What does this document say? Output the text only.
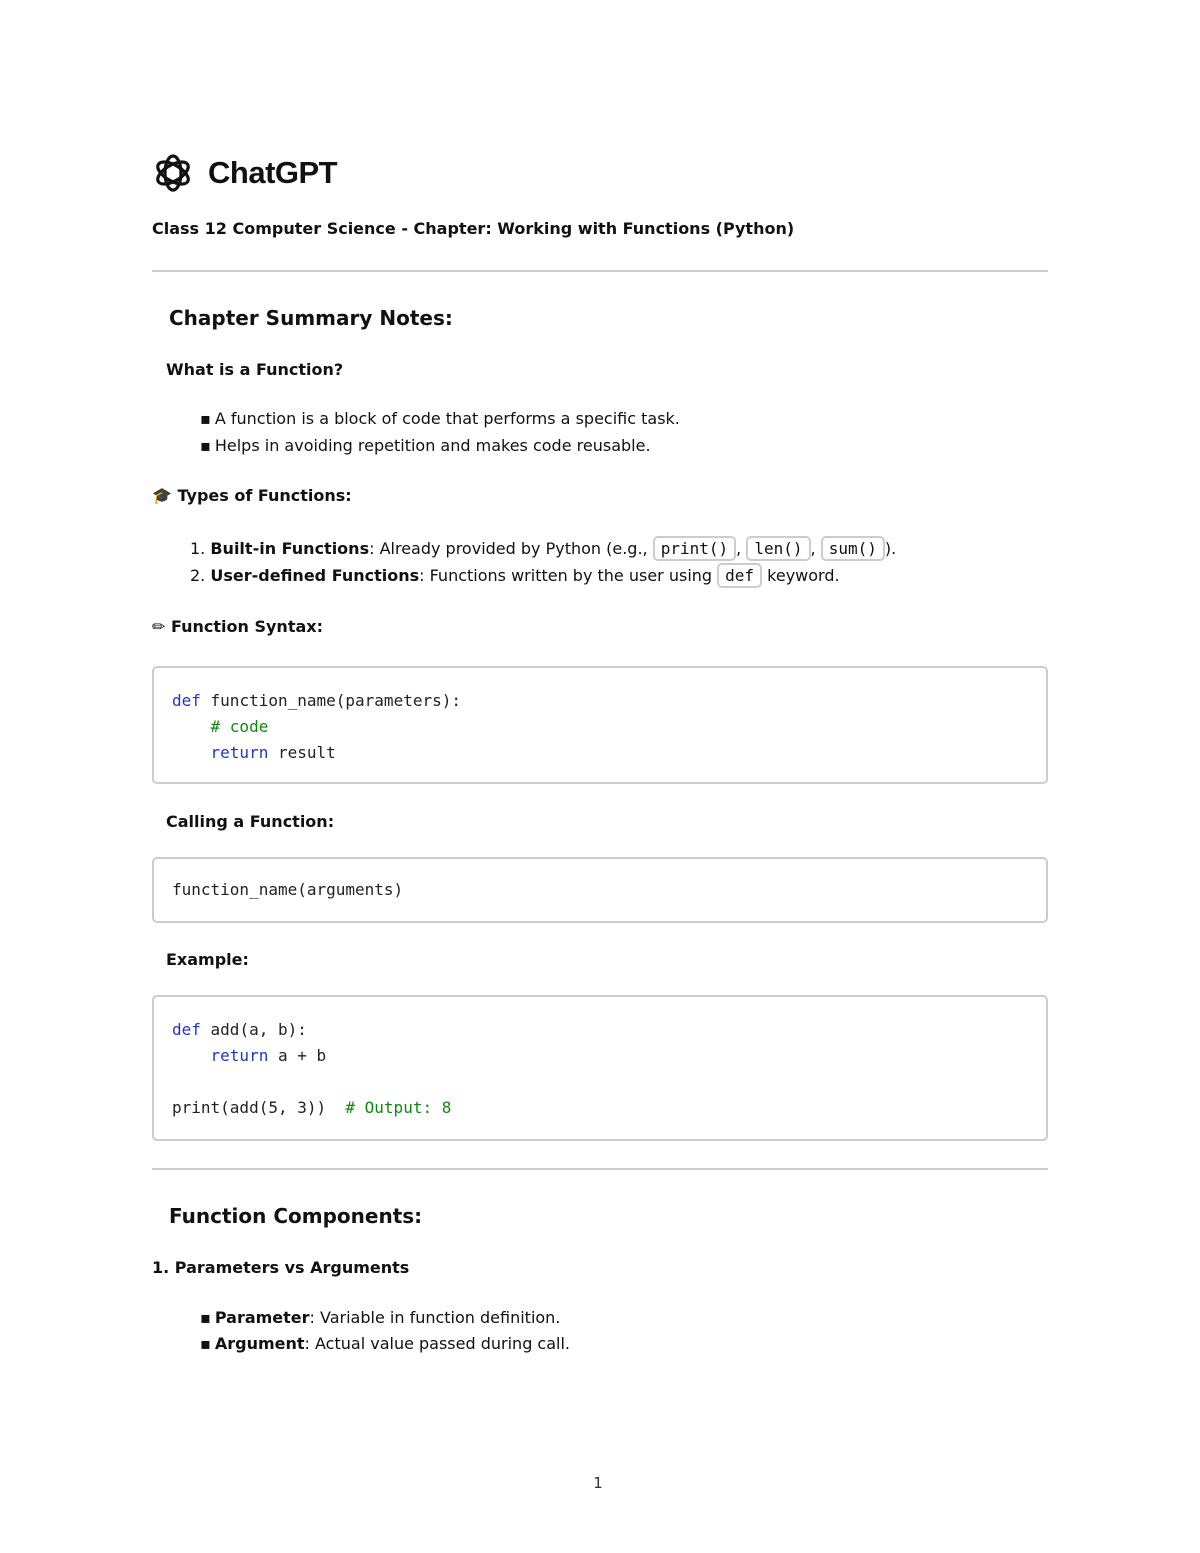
ChatGPT
Class 12 Computer Science - Chapter: Working with Functions (Python)
Chapter Summary Notes:
What is a Function?
▪ A function is a block of code that performs a specific task.
▪ Helps in avoiding repetition and makes code reusable.
🎓 Types of Functions:
1. Built-in Functions: Already provided by Python (e.g., print() , len() , sum() ).
2. User-defined Functions: Functions written by the user using def keyword.
✏ Function Syntax:
def function_name(parameters):
# code
return result
Calling a Function:
function_name(arguments)
Example:
def add(a, b):
return a + b

print(add(5, 3)) # Output: 8
Function Components:
1. Parameters vs Arguments
▪ Parameter: Variable in function definition.
▪ Argument: Actual value passed during call.
1
